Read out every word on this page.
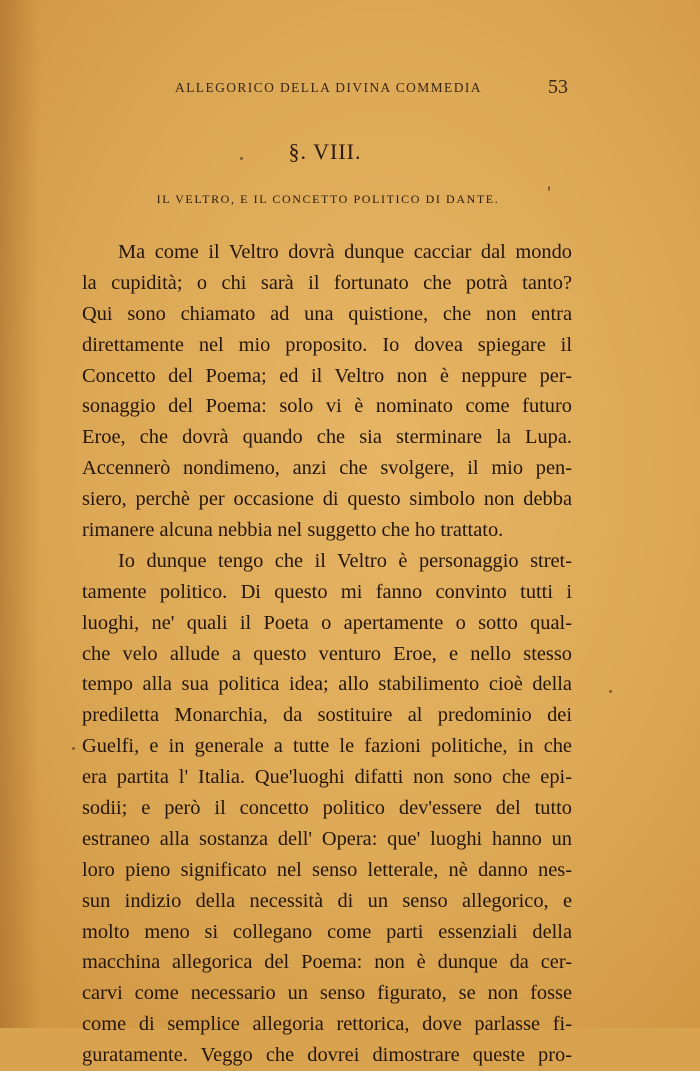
ALLEGORICO DELLA DIVINA COMMEDIA	53
§. VIII.
IL VELTRO, E IL CONCETTO POLITICO DI DANTE.
Ma come il Veltro dovrà dunque cacciar dal mondo
la cupidità; o chi sarà il fortunato che potrà tanto?
Qui sono chiamato ad una quistione, che non entra
direttamente nel mio proposito. Io dovea spiegare il
Concetto del Poema; ed il Veltro non è neppure per-
sonaggio del Poema: solo vi è nominato come futuro
Eroe, che dovrà quando che sia sterminare la Lupa.
Accennerò nondimeno, anzi che svolgere, il mio pen-
siero, perchè per occasione di questo simbolo non debba
rimanere alcuna nebbia nel suggetto che ho trattato.
Io dunque tengo che il Veltro è personaggio stret-
tamente politico. Di questo mi fanno convinto tutti i
luoghi, ne' quali il Poeta o apertamente o sotto qual-
che velo allude a questo venturo Eroe, e nello stesso
tempo alla sua politica idea; allo stabilimento cioè della
prediletta Monarchia, da sostituire al predominio dei
Guelfi, e in generale a tutte le fazioni politiche, in che
era partita l' Italia. Que'luoghi difatti non sono che epi-
sodii; e però il concetto politico dev'essere del tutto
estraneo alla sostanza dell' Opera: que' luoghi hanno un
loro pieno significato nel senso letterale, nè danno nes-
sun indizio della necessità di un senso allegorico, e
molto meno si collegano come parti essenziali della
macchina allegorica del Poema: non è dunque da cer-
carvi come necessario un senso figurato, se non fosse
come di semplice allegoria rettorica, dove parlasse fi-
guratamente. Veggo che dovrei dimostrare queste pro-
